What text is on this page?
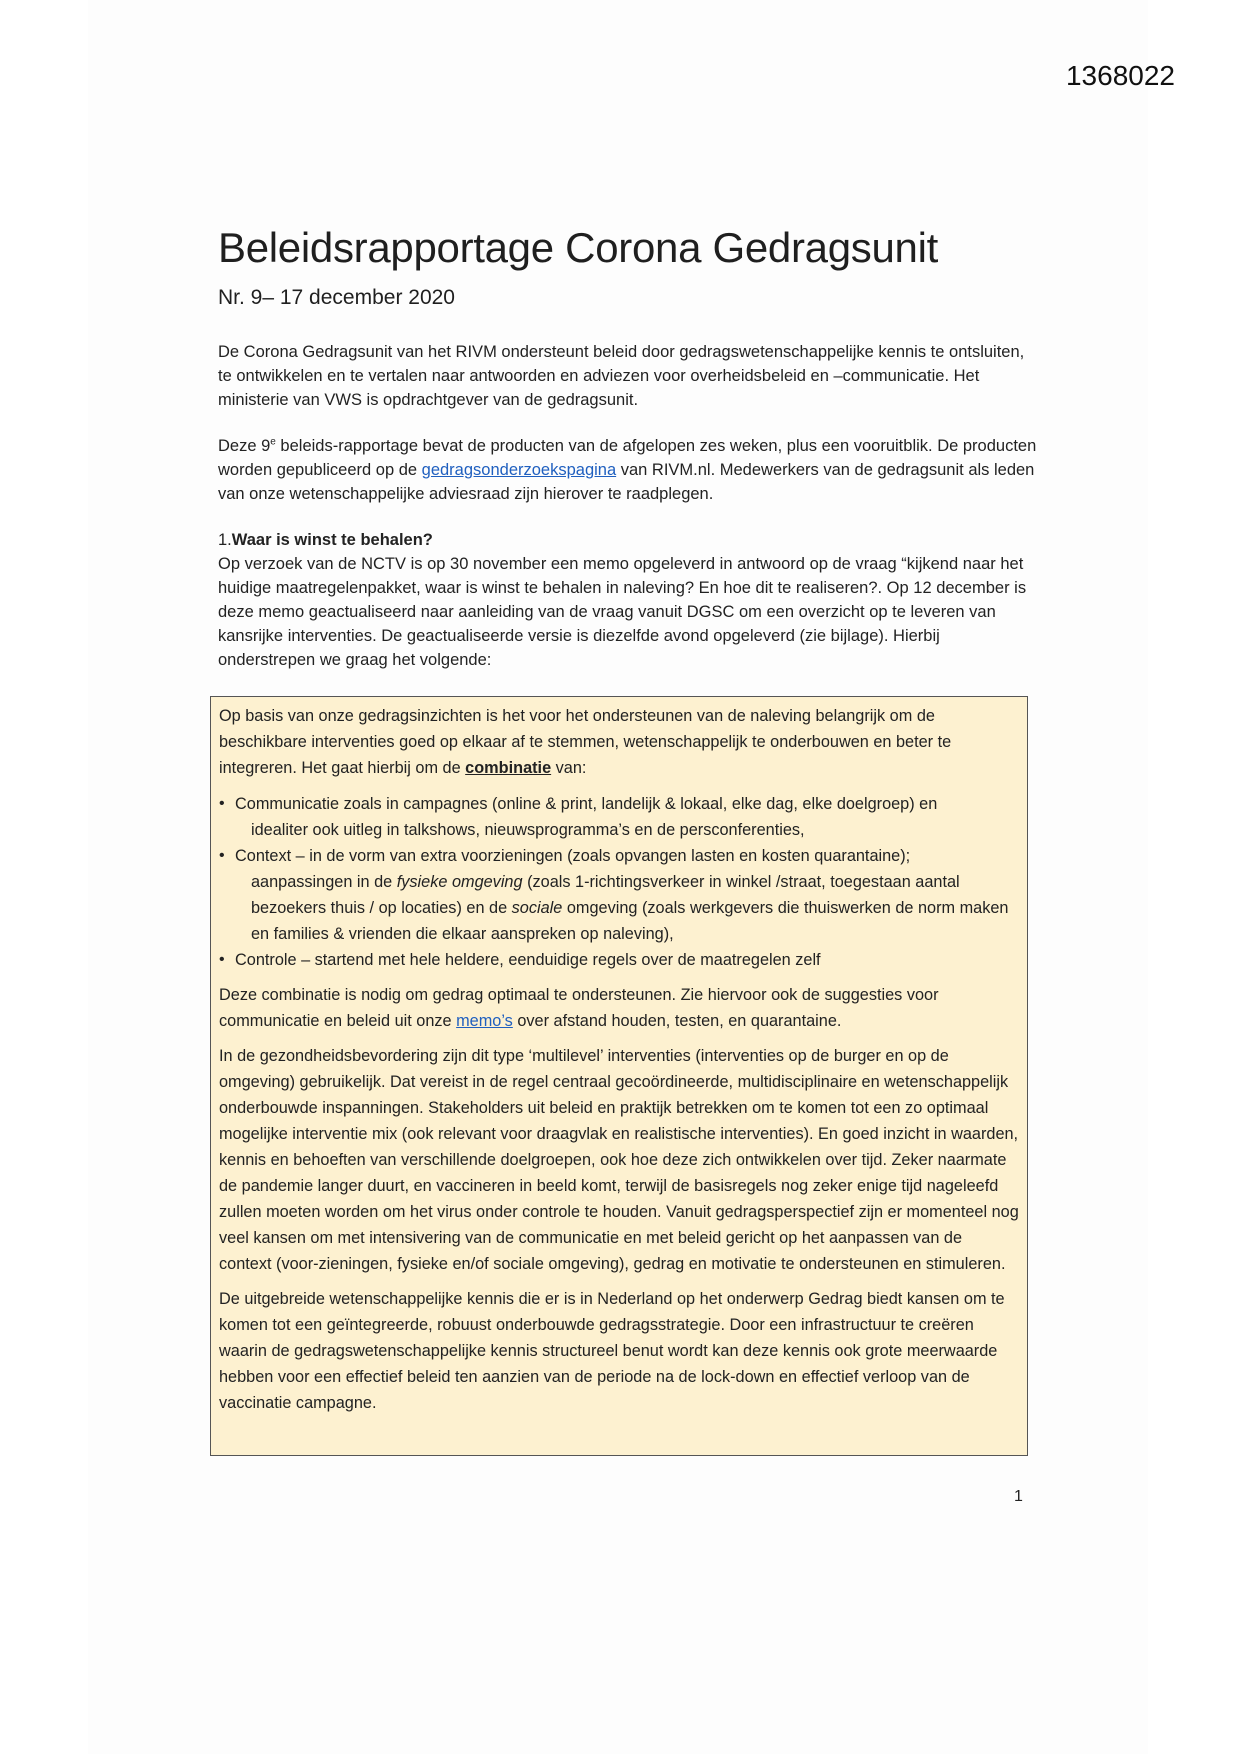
1368022
Beleidsrapportage Corona Gedragsunit
Nr. 9– 17 december 2020

De Corona Gedragsunit van het RIVM ondersteunt beleid door gedragswetenschappelijke kennis te ontsluiten, te ontwikkelen en te vertalen naar antwoorden en adviezen voor overheidsbeleid en –communicatie. Het ministerie van VWS is opdrachtgever van de gedragsunit.

Deze 9e beleids-rapportage bevat de producten van de afgelopen zes weken, plus een vooruitblik. De producten worden gepubliceerd op de gedragsonderzoekspagina van RIVM.nl. Medewerkers van de gedragsunit als leden van onze wetenschappelijke adviesraad zijn hierover te raadplegen.

1.Waar is winst te behalen?

Op verzoek van de NCTV is op 30 november een memo opgeleverd in antwoord op de vraag “kijkend naar het huidige maatregelenpakket, waar is winst te behalen in naleving? En hoe dit te realiseren?. Op 12 december is deze memo geactualiseerd naar aanleiding van de vraag vanuit DGSC om een overzicht op te leveren van kansrijke interventies. De geactualiseerde versie is diezelfde avond opgeleverd (zie bijlage). Hierbij onderstrepen we graag het volgende:

Op basis van onze gedragsinzichten is het voor het ondersteunen van de naleving belangrijk om de beschikbare interventies goed op elkaar af te stemmen, wetenschappelijk te onderbouwen en beter te integreren. Het gaat hierbij om de combinatie van:

• Communicatie zoals in campagnes (online & print, landelijk & lokaal, elke dag, elke doelgroep) en
idealiter ook uitleg in talkshows, nieuwsprogramma’s en de persconferenties,
• Context – in de vorm van extra voorzieningen (zoals opvangen lasten en kosten quarantaine);
aanpassingen in de fysieke omgeving (zoals 1-richtingsverkeer in winkel /straat, toegestaan aantal bezoekers thuis / op locaties) en de sociale omgeving (zoals werkgevers die thuiswerken de norm maken en families & vrienden die elkaar aanspreken op naleving),
• Controle – startend met hele heldere, eenduidige regels over de maatregelen zelf

Deze combinatie is nodig om gedrag optimaal te ondersteunen. Zie hiervoor ook de suggesties voor communicatie en beleid uit onze memo’s over afstand houden, testen, en quarantaine.

In de gezondheidsbevordering zijn dit type ‘multilevel’ interventies (interventies op de burger en op de omgeving) gebruikelijk. Dat vereist in de regel centraal gecoördineerde, multidisciplinaire en wetenschappelijk onderbouwde inspanningen. Stakeholders uit beleid en praktijk betrekken om te komen tot een zo optimaal mogelijke interventie mix (ook relevant voor draagvlak en realistische interventies). En goed inzicht in waarden, kennis en behoeften van verschillende doelgroepen, ook hoe deze zich ontwikkelen over tijd. Zeker naarmate de pandemie langer duurt, en vaccineren in beeld komt, terwijl de basisregels nog zeker enige tijd nageleefd zullen moeten worden om het virus onder controle te houden. Vanuit gedragsperspectief zijn er momenteel nog veel kansen om met intensivering van de communicatie en met beleid gericht op het aanpassen van de context (voor-zieningen, fysieke en/of sociale omgeving), gedrag en motivatie te ondersteunen en stimuleren.

De uitgebreide wetenschappelijke kennis die er is in Nederland op het onderwerp Gedrag biedt kansen om te komen tot een geïntegreerde, robuust onderbouwde gedragsstrategie. Door een infrastructuur te creëren waarin de gedragswetenschappelijke kennis structureel benut wordt kan deze kennis ook grote meerwaarde hebben voor een effectief beleid ten aanzien van de periode na de lock-down en effectief verloop van de vaccinatie campagne.

1
